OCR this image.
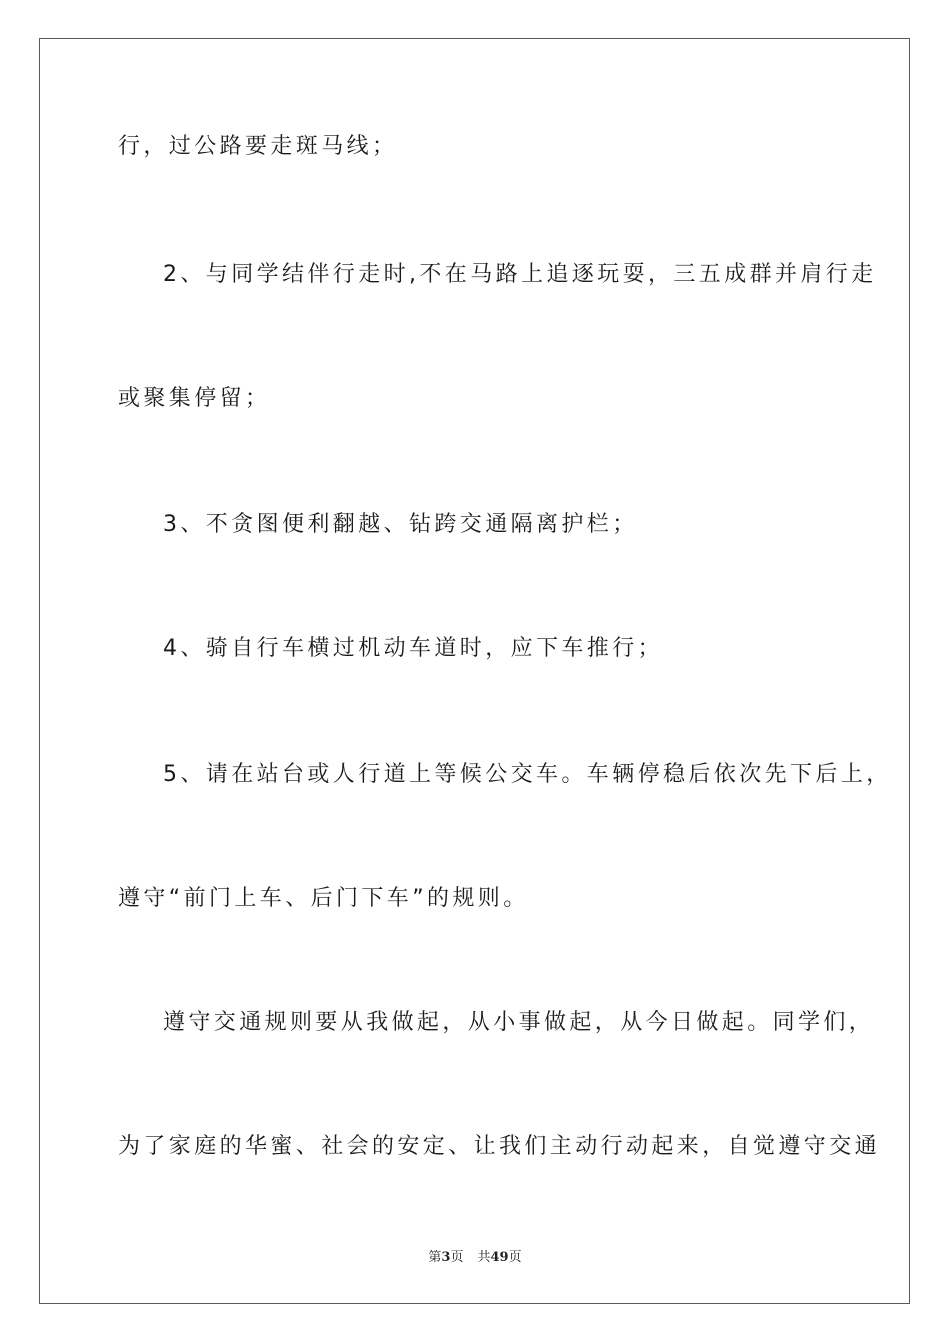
行，过公路要走斑马线；
2、与同学结伴行走时,不在马路上追逐玩耍，三五成群并肩行走
或聚集停留；
3、不贪图便利翻越、钻跨交通隔离护栏；
4、骑自行车横过机动车道时，应下车推行；
5、请在站台或人行道上等候公交车。车辆停稳后依次先下后上，
遵守“前门上车、后门下车”的规则。
遵守交通规则要从我做起，从小事做起，从今日做起。同学们，
为了家庭的华蜜、社会的安定、让我们主动行动起来，自觉遵守交通
第3页 共49页
